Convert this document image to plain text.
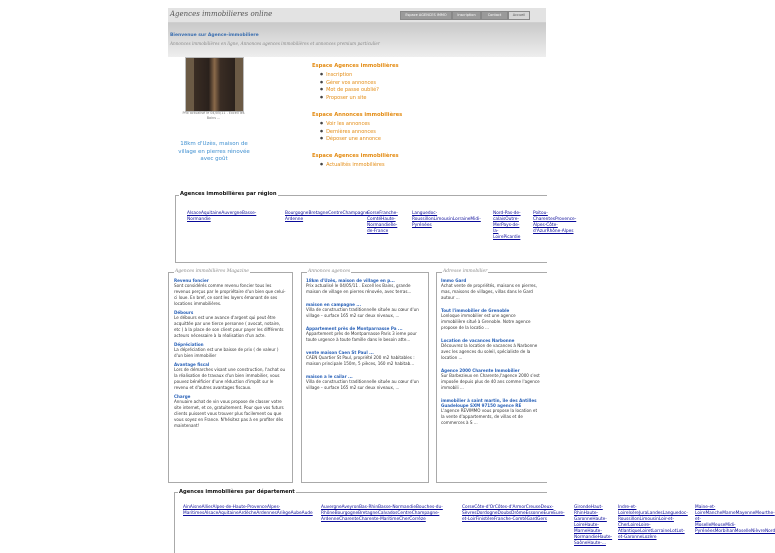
Agences immobilieres online	Espace AGENCES IMMO	Inscription	Contact	Accueil
Bienvenue sur Agence-immobiliere
Annonces immobilières en ligne, Annonces agences immobilières et annonces premium particulier
Prix actualisé le 04/05/11 . Excell les Bains ...
18km d'Uzès, maison de village en pierres rénovée avec goût
Espace Agences immobilières
● Inscription
● Gérer vos annonces
● Mot de passe oublié?
● Proposer un site
Espace Annonces immobilières
● Voir les annonces
● Dernières annonces
● Déposer une annonce
Espace Agences immobilières
● Actualités immobilières
Agences immobilières par région
AlsaceAquitaineAuvergneBasse-Normandie
BourgogneBretagneCentreChampagne-Ardenne
CorseFranche-ComtéHaute-NormandieÎle-de-France
Languedoc-RoussillonLimousinLorraineMidi-Pyrénées
Nord-Pas-de-calaisOutre-MerPays-de-la-LoirePicardie
Poitou-CharentesProvence-Alpes-Côte-d'AzurRhône-Alpes
Agences immobilières Magazine
Revenu foncier
Sont considérés comme revenu foncier tous les revenus perçus par le propriétaire d'un bien que celui-ci loue. En bref, ce sont les loyers émanant de ses locations immobilières.
Débours
Le débours est une avance d'argent qui peut être acquittée par une tierce personne ( avocat, notaire, etc ) à la place de son client pour payer les différents acteurs nécessaire à la réalisation d'un acte.
Dépréciation
La dépréciation est une baisse de prix ( de valeur ) d'un bien immobilier
Avantage fiscal
Lors de démarches visant une construction, l'achat ou la réalisation de travaux d'un bien immobilier, vous pouvez bénéficier d'une réduction d'impôt sur le revenu et d'autres avantages fiscaux.
Charge
Annuaire achat de vin vous propose de classer votre site internet, et ce, gratuitement. Pour que vos futurs clients puissent vous trouver plus facilement ou que vous soyez en France. N'hésitez pas à en profiter dès maintenant!
Annonces agences
18km d'Uzès, maison de village en p...
Prix actualisé le 04/05/11 . Excell les Bains, grande maison de village en pierres rénovée, avec terras...
maison en campagne ...
Villa de construction traditionnelle située au cœur d'un village – surface 165 m2 sur deux niveaux, ...
Appartement près de Montparnasse Pa ...
Appartement près de Montparnasse Paris 3 ieme pour toute urgence à toute famille dans le besoin atte...
vente maison Caen St Paul ...
CAEN Quartier St Paul, propriété 200 m2 habitables : maison principale 150m, 5 pièces, 160 m2 habitab...
maison a le cailar ...
Villa de construction traditionnelle située au cœur d'un village – surface 165 m2 sur deux niveaux, ...
Adresse immobilier
Immo Gard
Achat vente de propriétés, maisons en pierres, mas, maisons de villages, villas dans le Gard autour ...
Tout l'immobilier de Grenoble
Lonloque immobilier est une agence immobilière situé à Grenoble. Notre agence propose de la locatio ...
Location de vacances Narbonne
Découvrez la location de vacances à Narbonne avec les agences du soleil, spécialiste de la location ...
Agence 2000 Charente Immobilier
Sur Barbezieux en Charente,l'agence 2000 s'est imposée depuis plus de 40 ans comme l'agence immobili ...
immobilier à saint martin, île des Antilles Guadeloupe SXM 97150 agence RE
L'agence REVIMMO vous propose la location et la vente d'appartements, de villas et de commerces à S ...
Agences immobilières par département
AinAisneAllierAlpes-de-Haute-ProvenceAlpes-MaritimesAlsaceAquitaineArdècheArdennesAriègeAubeAude
AuvergneAveyronBas-RhinBasse-NormandieBouches-du-RhôneBourgogneBretagneCalvadosCentreChampagne-ArdenneCharenteCharente-MaritimeCherCorrèze
CorseCôte-d'OrCôtes-d'ArmorCreuseDeux-SèvresDordogneDoubsDrômeEssonneEureEure-et-LoirFinistèreFranche-ComtéGardGers
GirondeHaut-RhinHaute-GaronneHaute-LoireHaute-MarneHaute-NormandieHaute-SaôneHaute-...
Indre-et-LoireIsèreJuraLandesLanguedoc-RoussillonLimousinLoir-et-CherLoireLoire-AtlantiqueLoiretLorraineLotLot-et-GaronneLozère
Maine-et-LoireMancheMarneMayenneMeurthe-et-MoselleMeuseMidi-PyrénéesMorbihanMoselleNièvreNord
